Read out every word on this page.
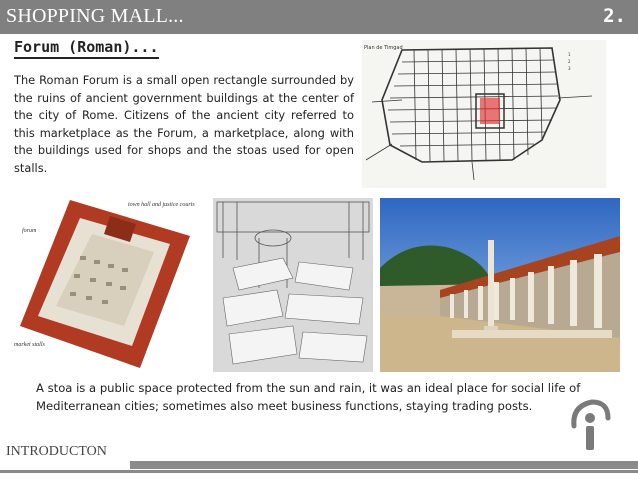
SHOPPING MALL...	2.
Forum (Roman)...
The Roman Forum is a small open rectangle surrounded by the ruins of ancient government buildings at the center of the city of Rome. Citizens of the ancient city referred to this marketplace as the Forum, a marketplace, along with the buildings used for shops and the stoas used for open stalls.
Plan de Timgad
1
2
3
town hall and justice courts
forum
market stalls
A stoa is a public space protected from the sun and rain, it was an ideal place for social life of Mediterranean cities; sometimes also meet business functions, staying trading posts.
INTRODUCTON
